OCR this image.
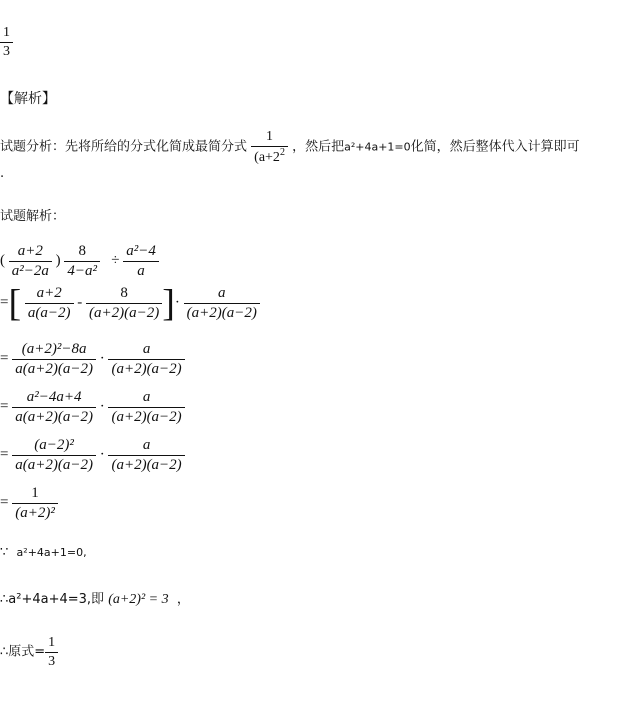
$\frac{1}{3}$
【解析】
试题分析：先将所给的分式化简成最简分式 $\frac{1}{(a+2^2}$ ，然后把a²+4a+1=0化简，然后整体代入计算即可
.
试题解析：
( $\frac{a+2}{\text{a²−2a}}$ ) $\frac{8}{\text{4−a²}} \div \frac{\text{a²−4}}{a}$
=[ $\frac{a+2}{a(a-2)} - \frac{8}{(a+2)(a-2)}$ ]· $\frac{a}{(a+2)(a-2)}$
= $\frac{\text{(a+2)²−8a}}{a(a+2)(a-2)} \cdot \frac{a}{(a+2)(a-2)}$
= $\frac{\text{a²−4a+4}}{a(a+2)(a-2)} \cdot \frac{a}{(a+2)(a-2)}$
= $\frac{\text{(a−2)²}}{a(a+2)(a-2)} \cdot \frac{a}{(a+2)(a-2)}$
= $\frac{1}{\text{(a+2)²}}$
∵ a²+4a+1=0,
∴a²+4a+4=3,即 (a+2)² = 3 ，
∴原式= $\frac{1}{3}$
